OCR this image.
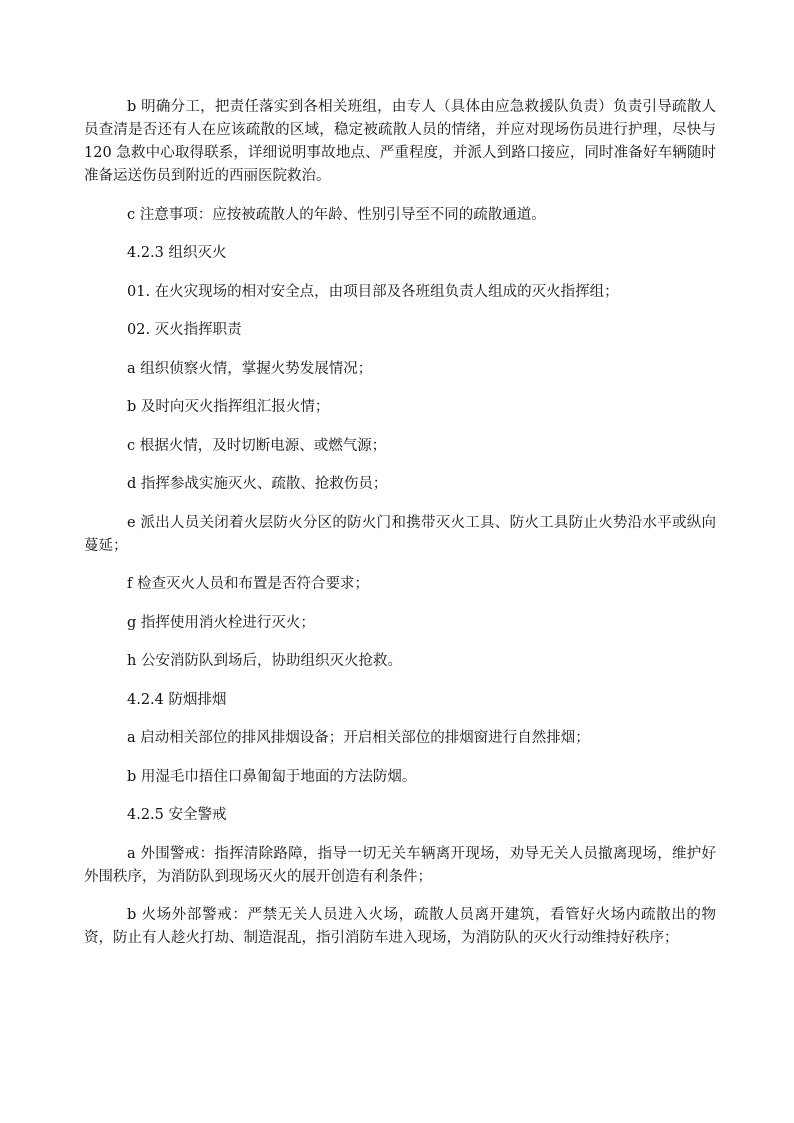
b 明确分工，把责任落实到各相关班组，由专人（具体由应急救援队负责）负责引导疏散人员查清是否还有人在应该疏散的区域，稳定被疏散人员的情绪，并应对现场伤员进行护理，尽快与 120 急救中心取得联系，详细说明事故地点、严重程度，并派人到路口接应，同时准备好车辆随时准备运送伤员到附近的西丽医院救治。

c 注意事项：应按被疏散人的年龄、性别引导至不同的疏散通道。

4.2.3 组织灭火

01. 在火灾现场的相对安全点，由项目部及各班组负责人组成的灭火指挥组；

02. 灭火指挥职责

a 组织侦察火情，掌握火势发展情况；

b 及时向灭火指挥组汇报火情；

c 根据火情，及时切断电源、或燃气源；

d 指挥参战实施灭火、疏散、抢救伤员；

e 派出人员关闭着火层防火分区的防火门和携带灭火工具、防火工具防止火势沿水平或纵向蔓延；

f 检查灭火人员和布置是否符合要求；

g 指挥使用消火栓进行灭火；

h 公安消防队到场后，协助组织灭火抢救。

4.2.4 防烟排烟

a 启动相关部位的排风排烟设备；开启相关部位的排烟窗进行自然排烟；

b 用湿毛巾捂住口鼻匍匐于地面的方法防烟。

4.2.5 安全警戒

a 外围警戒：指挥清除路障，指导一切无关车辆离开现场，劝导无关人员撤离现场，维护好外围秩序，为消防队到现场灭火的展开创造有利条件；

b 火场外部警戒：严禁无关人员进入火场，疏散人员离开建筑，看管好火场内疏散出的物资，防止有人趁火打劫、制造混乱，指引消防车进入现场，为消防队的灭火行动维持好秩序；
